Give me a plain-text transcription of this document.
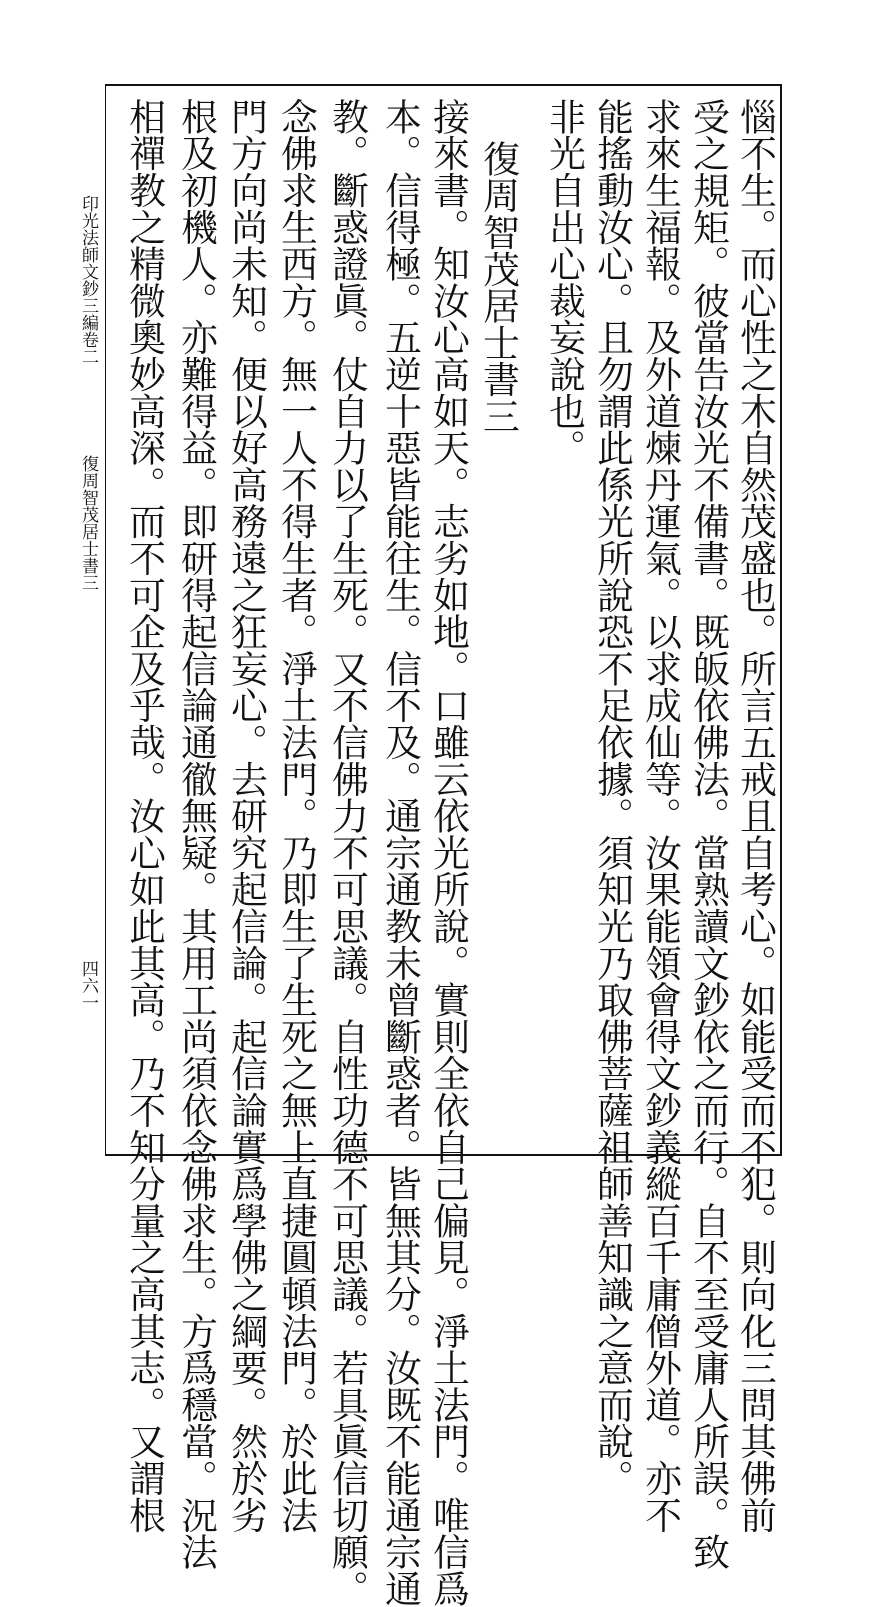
惱不生。而心性之木自然茂盛也。所言五戒且自考心。如能受而不犯。則向化三問其佛前
受之規矩。彼當告汝光不備書。既皈依佛法。當熟讀文鈔依之而行。自不至受庸人所誤。致
求來生福報。及外道煉丹運氣。以求成仙等。汝果能領會得文鈔義縱百千庸僧外道。亦不
能搖動汝心。且勿謂此係光所說恐不足依據。須知光乃取佛菩薩祖師善知識之意而說。
非光自出心裁妄說也。
復周智茂居士書三
接來書。知汝心高如天。志劣如地。口雖云依光所說。實則全依自己偏見。淨土法門。唯信爲
本。信得極。五逆十惡皆能往生。信不及。通宗通教未曾斷惑者。皆無其分。汝既不能通宗通
教。斷惑證眞。仗自力以了生死。又不信佛力不可思議。自性功德不可思議。若具眞信切願。
念佛求生西方。無一人不得生者。淨土法門。乃即生了生死之無上直捷圓頓法門。於此法
門方向尚未知。便以好高務遠之狂妄心。去研究起信論。起信論實爲學佛之綱要。然於劣
根及初機人。亦難得益。即研得起信論通徹無疑。其用工尚須依念佛求生。方爲穩當。況法
相禪教之精微奧妙高深。而不可企及乎哉。汝心如此其高。乃不知分量之高其志。又謂根
印光法師文鈔三編卷二
復周智茂居士書三
四六一
